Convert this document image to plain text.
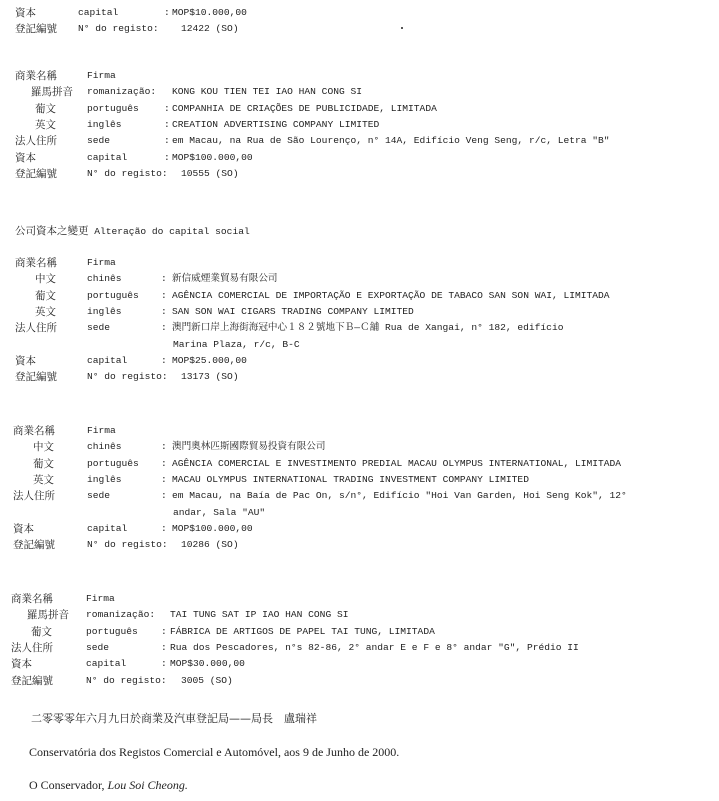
資本	capital	: MOP$10.000,00
登記編號 N° do registo: 12422 (SO)
商業名稱	Firma
羅馬拼音 romanização: KONG KOU TIEN TEI IAO HAN CONG SI
葡文	português	: COMPANHIA DE CRIAÇÕES DE PUBLICIDADE, LIMITADA
英文	inglês	: CREATION ADVERTISING COMPANY LIMITED
法人住所	sede	: em Macau, na Rua de São Lourenço, n° 14A, Edifício Veng Seng, r/c, Letra "B"
資本	capital	: MOP$100.000,00
登記編號	N° do registo: 10555 (SO)
商業名稱	Firma
中文	chinês	: 新信威煙業貿易有限公司
葡文	português : AGÊNCIA COMERCIAL DE IMPORTAÇÃO E EXPORTAÇÃO DE TABACO SAN SON WAI, LIMITADA
英文	inglês	: SAN SON WAI CIGARS TRADING COMPANY LIMITED
法人住所	sede	: 澳門新口岸上海街海冠中心１８２號地下Ｂ—Ｃ舖 Rua de Xangai, n° 182, edifício
Marina Plaza, r/c, B-C
資本	capital	: MOP$25.000,00
登記編號	N° do registo: 13173 (SO)
商業名稱	Firma
中文	chinês	: 澳門奧林匹斯國際貿易投資有限公司
葡文	português : AGÊNCIA COMERCIAL E INVESTIMENTO PREDIAL MACAU OLYMPUS INTERNATIONAL, LIMITADA
英文	inglês	: MACAU OLYMPUS INTERNATIONAL TRADING INVESTMENT COMPANY LIMITED
法人住所	sede	: em Macau, na Baía de Pac On, s/n°, Edifício "Hoi Van Garden, Hoi Seng Kok", 12°
andar, Sala "AU"
資本	capital	: MOP$100.000,00
登記編號	N° do registo: 10286 (SO)
商業名稱	Firma
羅馬拼音 romanização: TAI TUNG SAT IP IAO HAN CONG SI
葡文	português : FÁBRICA DE ARTIGOS DE PAPEL TAI TUNG, LIMITADA
法人住所	sede	: Rua dos Pescadores, n°s 82-86, 2° andar E e F e 8° andar "G", Prédio II
資本	capital	: MOP$30.000,00
登記編號	N° do registo: 3005 (SO)
公司資本之變更 Alteração do capital social
二零零零年六月九日於商業及汽車登記局——局長　盧瑞祥
Conservatória dos Registos Comercial e Automóvel, aos 9 de Junho de 2000.
O Conservador, Lou Soi Cheong.
